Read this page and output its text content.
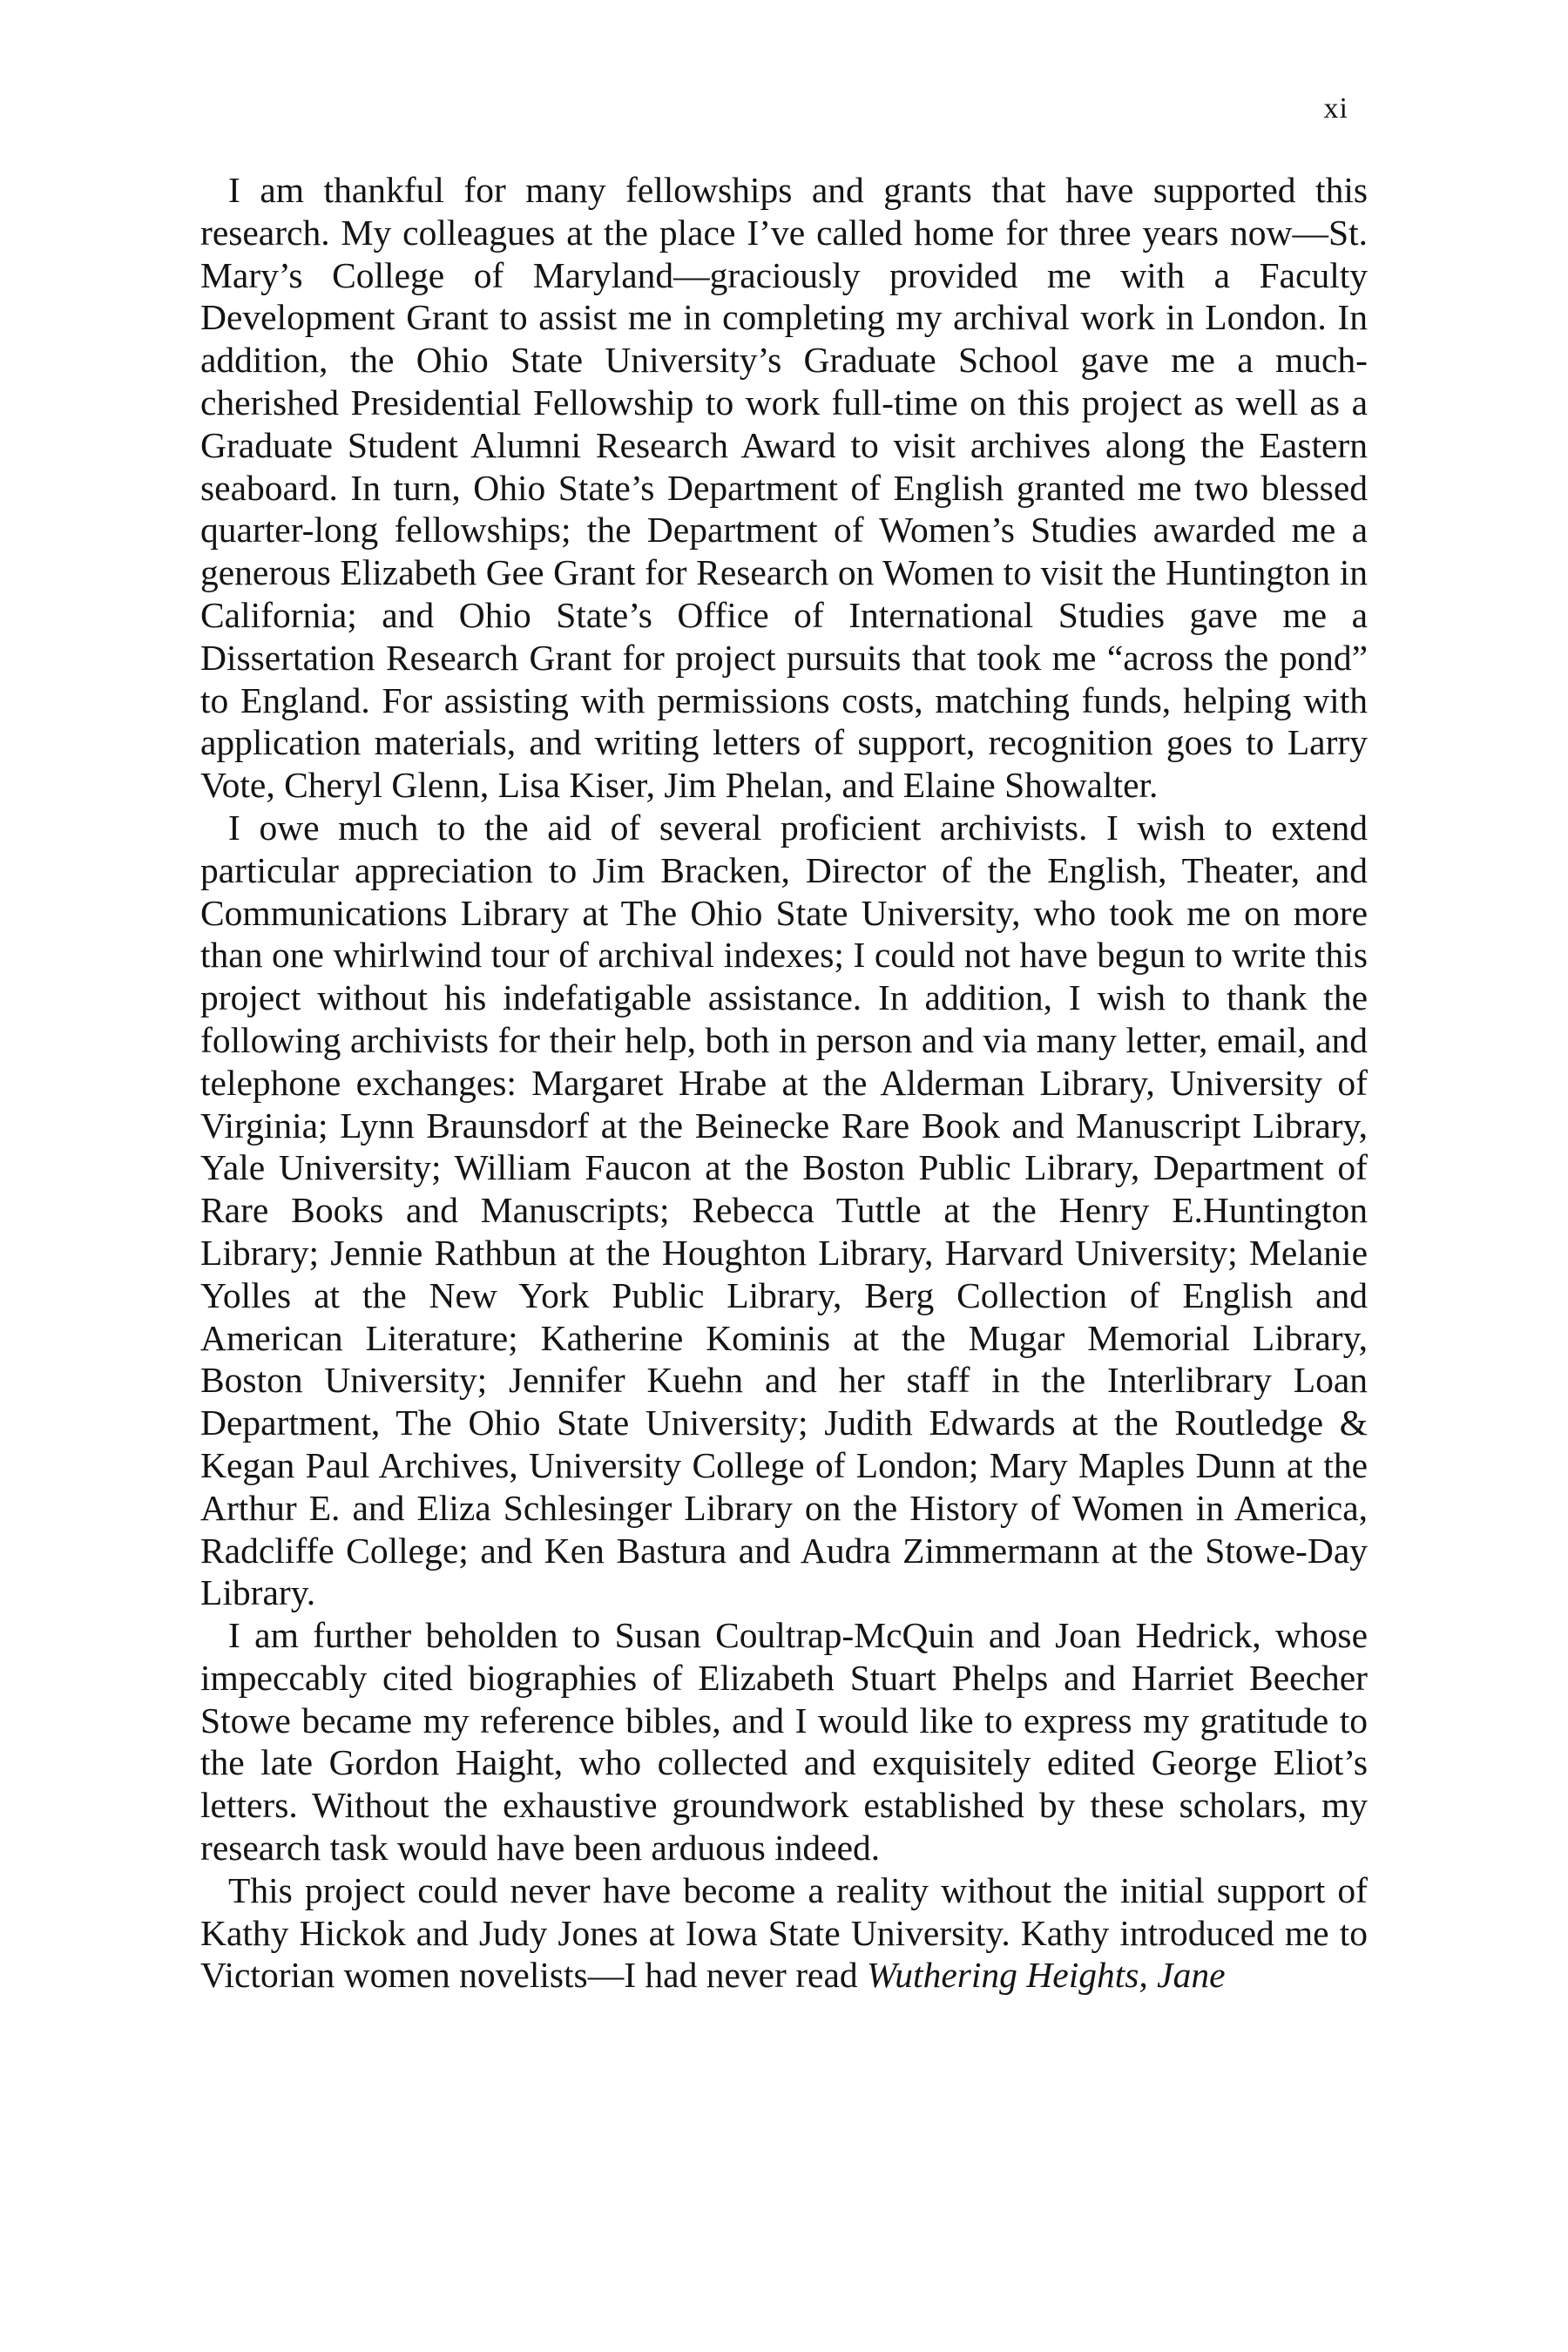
xi

I am thankful for many fellowships and grants that have supported this research. My colleagues at the place I’ve called home for three years now—St. Mary’s College of Maryland—graciously provided me with a Faculty Development Grant to assist me in completing my archival work in London. In addition, the Ohio State University’s Graduate School gave me a much-cherished Presidential Fellowship to work full-time on this project as well as a Graduate Student Alumni Research Award to visit archives along the Eastern seaboard. In turn, Ohio State’s Department of English granted me two blessed quarter-long fellowships; the Department of Women’s Studies awarded me a generous Elizabeth Gee Grant for Research on Women to visit the Huntington in California; and Ohio State’s Office of International Studies gave me a Dissertation Research Grant for project pursuits that took me “across the pond” to England. For assisting with permissions costs, matching funds, helping with application materials, and writing letters of support, recognition goes to Larry Vote, Cheryl Glenn, Lisa Kiser, Jim Phelan, and Elaine Showalter.

I owe much to the aid of several proficient archivists. I wish to extend particular appreciation to Jim Bracken, Director of the English, Theater, and Communications Library at The Ohio State University, who took me on more than one whirlwind tour of archival indexes; I could not have begun to write this project without his indefatigable assistance. In addition, I wish to thank the following archivists for their help, both in person and via many letter, email, and telephone exchanges: Margaret Hrabe at the Alderman Library, University of Virginia; Lynn Braunsdorf at the Beinecke Rare Book and Manuscript Library, Yale University; William Faucon at the Boston Public Library, Department of Rare Books and Manuscripts; Rebecca Tuttle at the Henry E.Huntington Library; Jennie Rathbun at the Houghton Library, Harvard University; Melanie Yolles at the New York Public Library, Berg Collection of English and American Literature; Katherine Kominis at the Mugar Memorial Library, Boston University; Jennifer Kuehn and her staff in the Interlibrary Loan Department, The Ohio State University; Judith Edwards at the Routledge & Kegan Paul Archives, University College of London; Mary Maples Dunn at the Arthur E. and Eliza Schlesinger Library on the History of Women in America, Radcliffe College; and Ken Bastura and Audra Zimmermann at the Stowe-Day Library.

I am further beholden to Susan Coultrap-McQuin and Joan Hedrick, whose impeccably cited biographies of Elizabeth Stuart Phelps and Harriet Beecher Stowe became my reference bibles, and I would like to express my gratitude to the late Gordon Haight, who collected and exquisitely edited George Eliot’s letters. Without the exhaustive groundwork established by these scholars, my research task would have been arduous indeed.

This project could never have become a reality without the initial support of Kathy Hickok and Judy Jones at Iowa State University. Kathy introduced me to Victorian women novelists—I had never read Wuthering Heights, Jane
